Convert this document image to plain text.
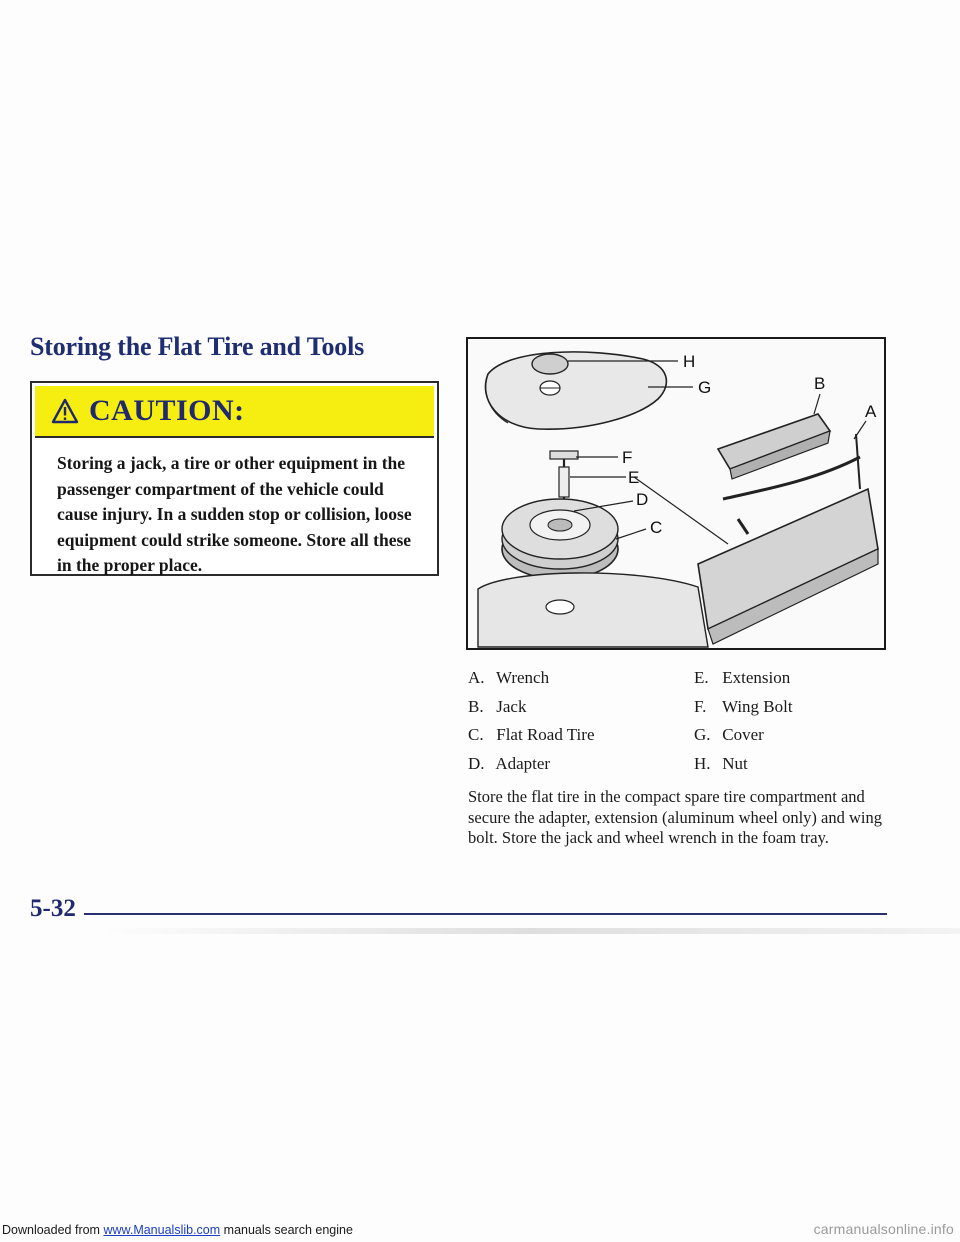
Storing the Flat Tire and Tools
CAUTION:

Storing a jack, a tire or other equipment in the passenger compartment of the vehicle could cause injury. In a sudden stop or collision, loose equipment could strike someone. Store all these in the proper place.

H
G	B
A
F
E
D
C
A. Wrench
B. Jack
C. Flat Road Tire
D. Adapter
E. Extension
F. Wing Bolt
G. Cover
H. Nut

Store the flat tire in the compact spare tire compartment and secure the adapter, extension (aluminum wheel only) and wing bolt. Store the jack and wheel wrench in the foam tray.

5-32
Downloaded from www.Manualslib.com manuals search engine	carmanualsonline.info
